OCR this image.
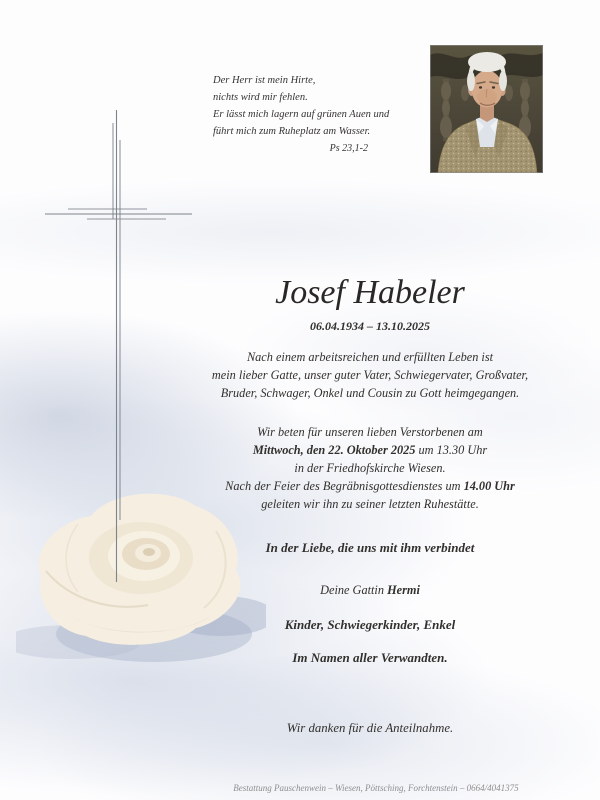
Der Herr ist mein Hirte,
nichts wird mir fehlen.
Er lässt mich lagern auf grünen Auen und
führt mich zum Ruheplatz am Wasser.
Ps 23,1-2
Josef Habeler
06.04.1934 – 13.10.2025
Nach einem arbeitsreichen und erfüllten Leben ist
mein lieber Gatte, unser guter Vater, Schwiegervater, Großvater,
Bruder, Schwager, Onkel und Cousin zu Gott heimgegangen.
Wir beten für unseren lieben Verstorbenen am
Mittwoch, den 22. Oktober 2025 um 13.30 Uhr
in der Friedhofskirche Wiesen.
Nach der Feier des Begräbnisgottesdienstes um 14.00 Uhr
geleiten wir ihn zu seiner letzten Ruhestätte.
In der Liebe, die uns mit ihm verbindet
Deine Gattin Hermi
Kinder, Schwiegerkinder, Enkel
Im Namen aller Verwandten.
Wir danken für die Anteilnahme.
Bestattung Pauschenwein – Wiesen, Pöttsching, Forchtenstein – 0664/4041375
